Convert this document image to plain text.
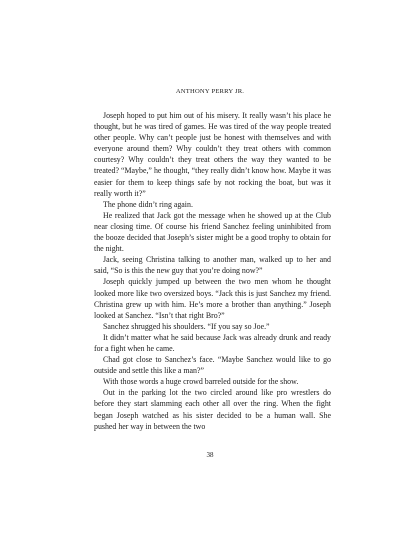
ANTHONY PERRY JR.

Joseph hoped to put him out of his misery. It really wasn’t his place he thought, but he was tired of games. He was tired of the way people treated other people. Why can’t people just be honest with themselves and with everyone around them? Why couldn’t they treat others with common courtesy? Why couldn’t they treat others the way they wanted to be treated? “Maybe,” he thought, “they really didn’t know how. Maybe it was easier for them to keep things safe by not rocking the boat, but was it really worth it?”

The phone didn’t ring again.

He realized that Jack got the message when he showed up at the Club near closing time. Of course his friend Sanchez feeling uninhibited from the booze decided that Joseph’s sister might be a good trophy to obtain for the night.

Jack, seeing Christina talking to another man, walked up to her and said, “So is this the new guy that you’re doing now?”

Joseph quickly jumped up between the two men whom he thought looked more like two oversized boys. “Jack this is just Sanchez my friend. Christina grew up with him. He’s more a brother than anything.” Joseph looked at Sanchez. “Isn’t that right Bro?”

Sanchez shrugged his shoulders. “If you say so Joe.”

It didn’t matter what he said because Jack was already drunk and ready for a fight when he came.

Chad got close to Sanchez’s face. “Maybe Sanchez would like to go outside and settle this like a man?”

With those words a huge crowd barreled outside for the show.

Out in the parking lot the two circled around like pro wrestlers do before they start slamming each other all over the ring. When the fight began Joseph watched as his sister decided to be a human wall. She pushed her way in between the two

38
